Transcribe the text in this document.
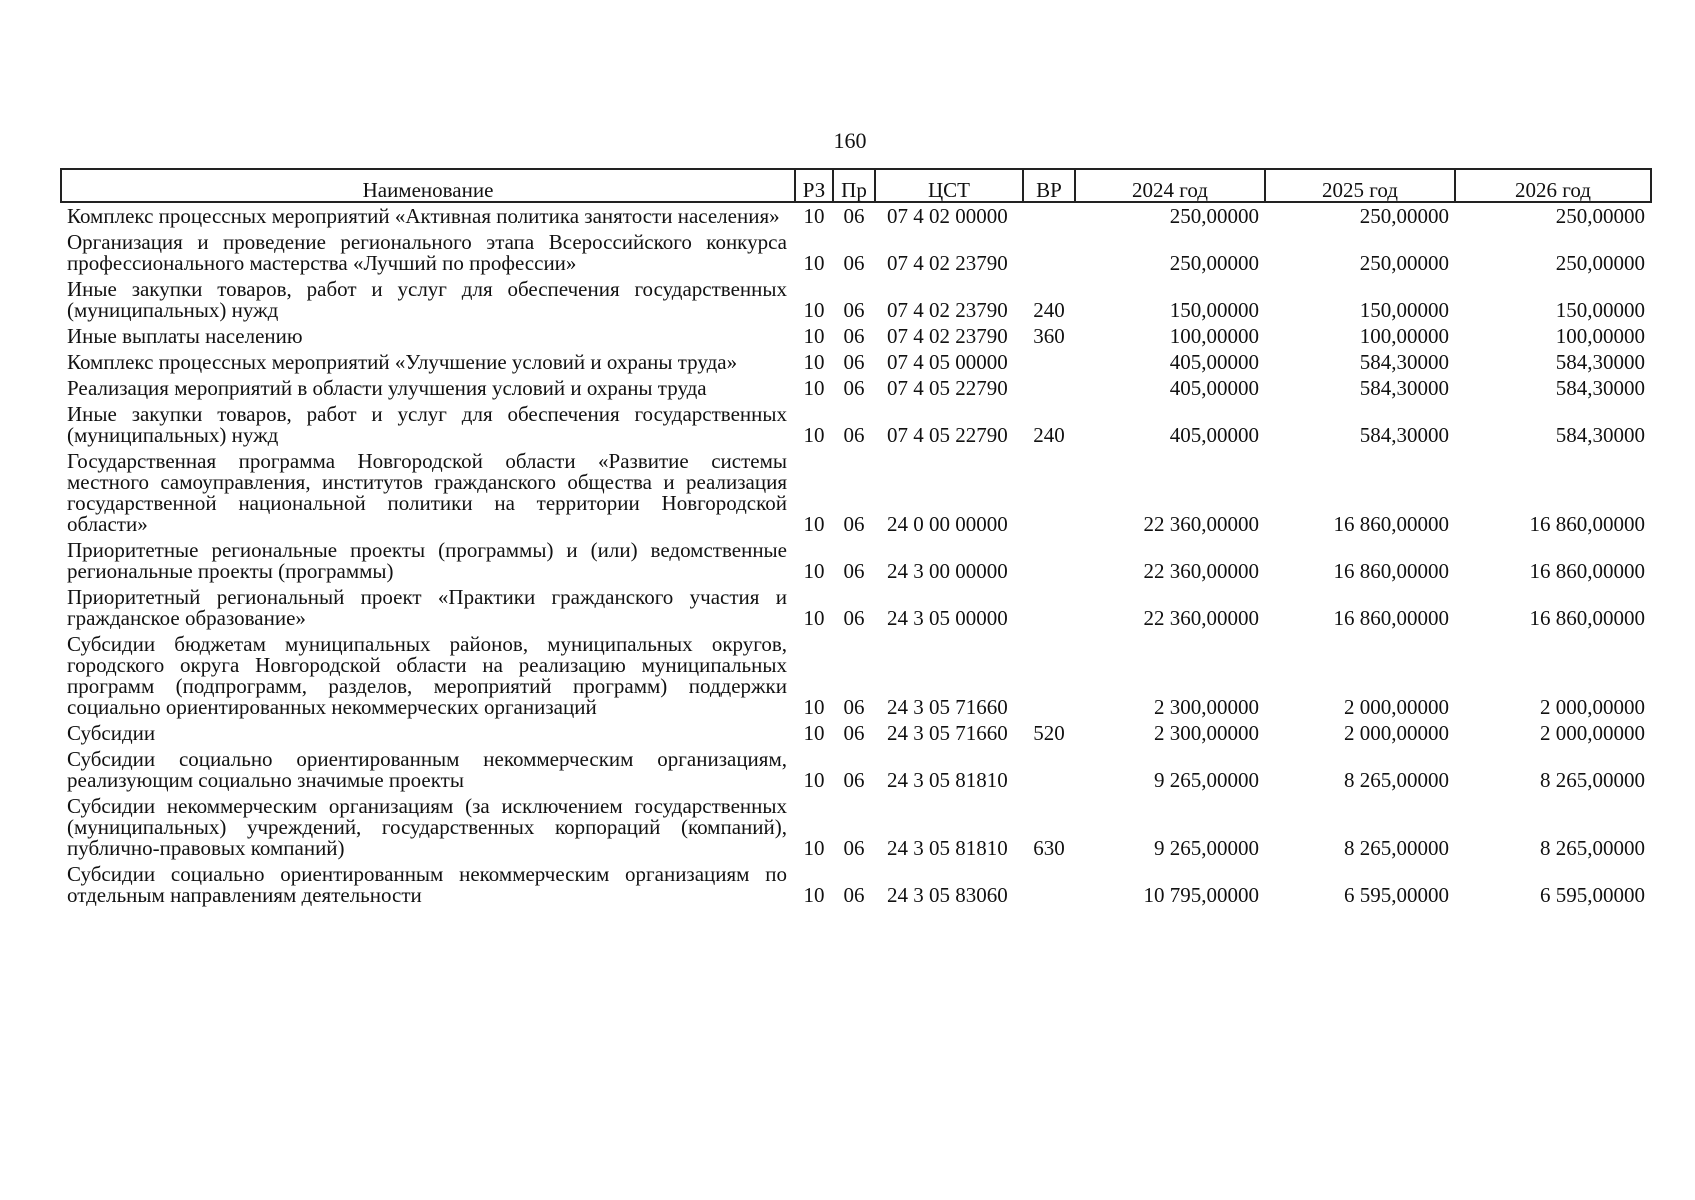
160
Наименование	РЗ	Пр	ЦСТ	ВР	2024 год	2025 год	2026 год
Комплекс процессных мероприятий «Активная политика занятости населения»	10	06	07 4 02 00000		250,00000	250,00000	250,00000
Организация и проведение регионального этапа Всероссийского конкурса профессионального мастерства «Лучший по профессии»	10	06	07 4 02 23790		250,00000	250,00000	250,00000
Иные закупки товаров, работ и услуг для обеспечения государственных (муниципальных) нужд	10	06	07 4 02 23790	240	150,00000	150,00000	150,00000
Иные выплаты населению	10	06	07 4 02 23790	360	100,00000	100,00000	100,00000
Комплекс процессных мероприятий «Улучшение условий и охраны труда»	10	06	07 4 05 00000		405,00000	584,30000	584,30000
Реализация мероприятий в области улучшения условий и охраны труда	10	06	07 4 05 22790		405,00000	584,30000	584,30000
Иные закупки товаров, работ и услуг для обеспечения государственных (муниципальных) нужд	10	06	07 4 05 22790	240	405,00000	584,30000	584,30000
Государственная программа Новгородской области «Развитие системы местного самоуправления, институтов гражданского общества и реализация государственной национальной политики на территории Новгородской области»	10	06	24 0 00 00000		22 360,00000	16 860,00000	16 860,00000
Приоритетные региональные проекты (программы) и (или) ведомственные региональные проекты (программы)	10	06	24 3 00 00000		22 360,00000	16 860,00000	16 860,00000
Приоритетный региональный проект «Практики гражданского участия и гражданское образование»	10	06	24 3 05 00000		22 360,00000	16 860,00000	16 860,00000
Субсидии бюджетам муниципальных районов, муниципальных округов, городского округа Новгородской области на реализацию муниципальных программ (подпрограмм, разделов, мероприятий программ) поддержки социально ориентированных некоммерческих организаций	10	06	24 3 05 71660		2 300,00000	2 000,00000	2 000,00000
Субсидии	10	06	24 3 05 71660	520	2 300,00000	2 000,00000	2 000,00000
Субсидии социально ориентированным некоммерческим организациям, реализующим социально значимые проекты	10	06	24 3 05 81810		9 265,00000	8 265,00000	8 265,00000
Субсидии некоммерческим организациям (за исключением государственных (муниципальных) учреждений, государственных корпораций (компаний), публично-правовых компаний)	10	06	24 3 05 81810	630	9 265,00000	8 265,00000	8 265,00000
Субсидии социально ориентированным некоммерческим организациям по отдельным направлениям деятельности	10	06	24 3 05 83060		10 795,00000	6 595,00000	6 595,00000
